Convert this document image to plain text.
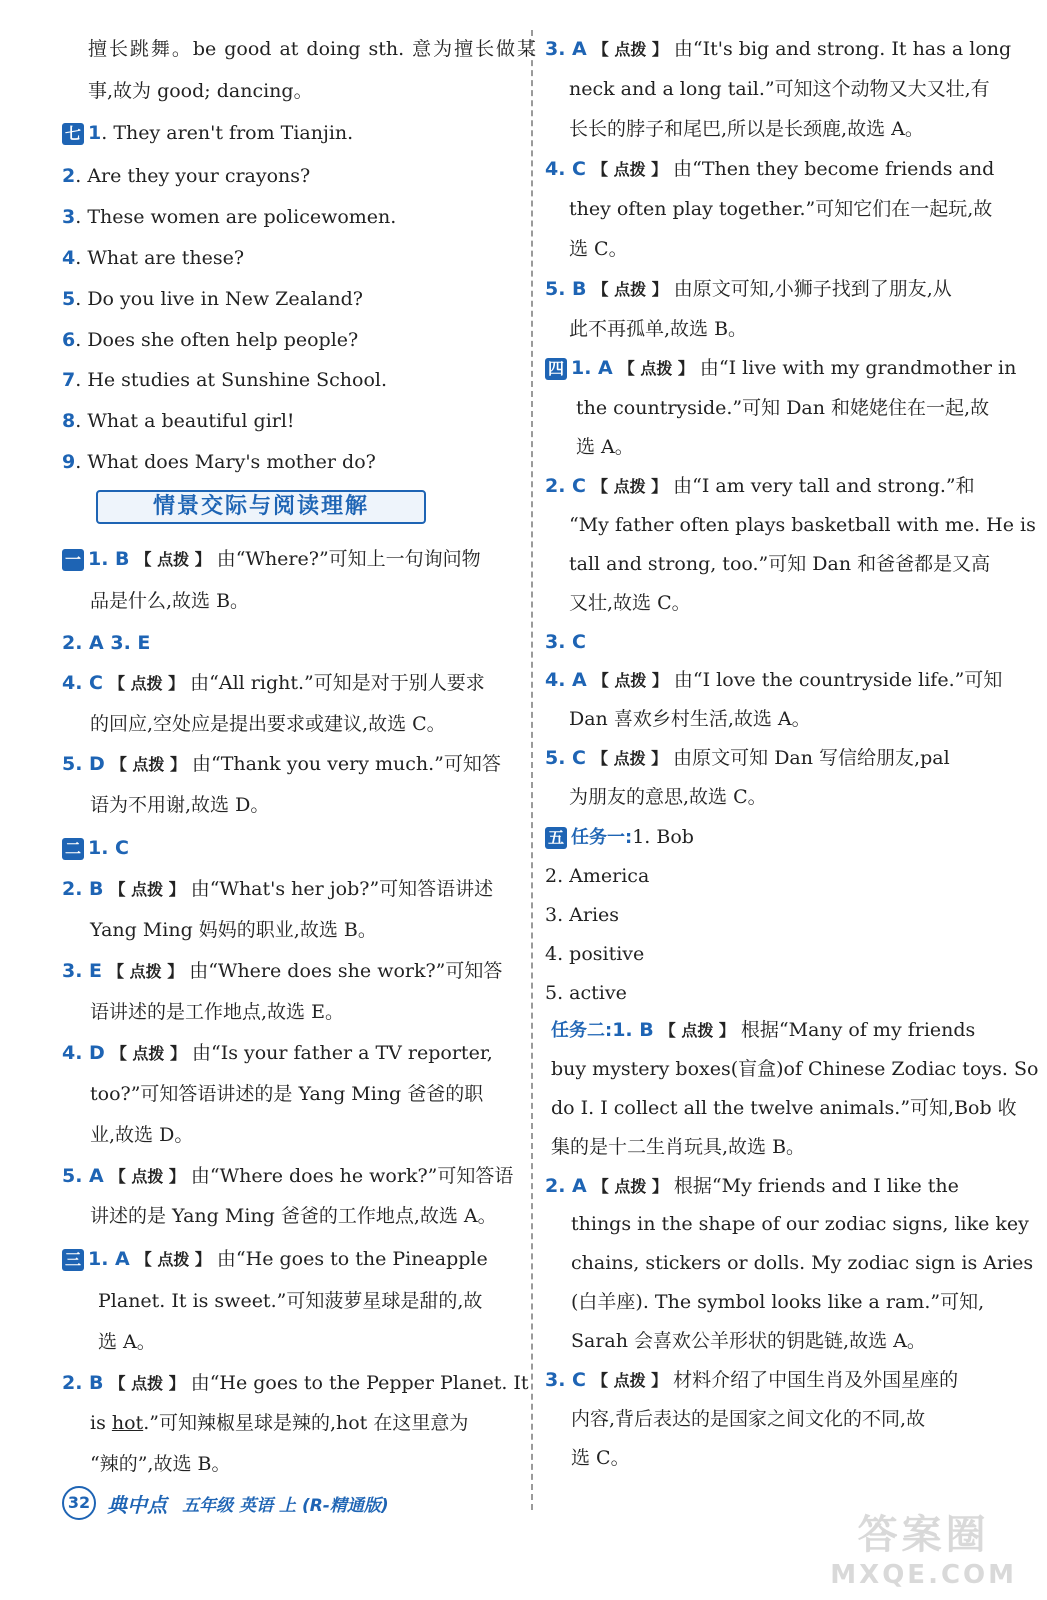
擅长跳舞。be good at doing sth. 意为擅长做某
事,故为 good; dancing。
七 1. They aren't from Tianjin.
2. Are they your crayons?
3. These women are policewomen.
4. What are these?
5. Do you live in New Zealand?
6. Does she often help people?
7. He studies at Sunshine School.
8. What a beautiful girl!
9. What does Mary's mother do?
情景交际与阅读理解
一 1. B 【 点拨 】 由“Where?”可知上一句询问物
品是什么,故选 B。
2. A 3. E
4. C 【 点拨 】 由“All right.”可知是对于别人要求
的回应,空处应是提出要求或建议,故选 C。
5. D 【 点拨 】 由“Thank you very much.”可知答
语为不用谢,故选 D。
二 1. C
2. B 【 点拨 】 由“What's her job?”可知答语讲述
Yang Ming 妈妈的职业,故选 B。
3. E 【 点拨 】 由“Where does she work?”可知答
语讲述的是工作地点,故选 E。
4. D 【 点拨 】 由“Is your father a TV reporter,
too?”可知答语讲述的是 Yang Ming 爸爸的职
业,故选 D。
5. A 【 点拨 】 由“Where does he work?”可知答语
讲述的是 Yang Ming 爸爸的工作地点,故选 A。
三 1. A 【 点拨 】 由“He goes to the Pineapple
Planet. It is sweet.”可知菠萝星球是甜的,故
选 A。
2. B 【 点拨 】 由“He goes to the Pepper Planet. It
is hot.”可知辣椒星球是辣的,hot 在这里意为
“辣的”,故选 B。
3. A 【 点拨 】 由“It's big and strong. It has a long
neck and a long tail.”可知这个动物又大又壮,有
长长的脖子和尾巴,所以是长颈鹿,故选 A。
4. C 【 点拨 】 由“Then they become friends and
they often play together.”可知它们在一起玩,故
选 C。
5. B 【 点拨 】 由原文可知,小狮子找到了朋友,从
此不再孤单,故选 B。
四 1. A 【 点拨 】 由“I live with my grandmother in
the countryside.”可知 Dan 和姥姥住在一起,故
选 A。
2. C 【 点拨 】 由“I am very tall and strong.”和
“My father often plays basketball with me. He is
tall and strong, too.”可知 Dan 和爸爸都是又高
又壮,故选 C。
3. C
4. A 【 点拨 】 由“I love the countryside life.”可知
Dan 喜欢乡村生活,故选 A。
5. C 【 点拨 】 由原文可知 Dan 写信给朋友,pal
为朋友的意思,故选 C。
五 任务一:1. Bob
2. America
3. Aries
4. positive
5. active
任务二:1. B 【 点拨 】 根据“Many of my friends
buy mystery boxes(盲盒)of Chinese Zodiac toys. So
do I. I collect all the twelve animals.”可知,Bob 收
集的是十二生肖玩具,故选 B。
2. A 【 点拨 】 根据“My friends and I like the
things in the shape of our zodiac signs, like key
chains, stickers or dolls. My zodiac sign is Aries
(白羊座). The symbol looks like a ram.”可知,
Sarah 会喜欢公羊形状的钥匙链,故选 A。
3. C 【 点拨 】 材料介绍了中国生肖及外国星座的
内容,背后表达的是国家之间文化的不同,故
选 C。
32 典中点 五年级 英语 上 (R-精通版)
答案圈
MXQE.COM
